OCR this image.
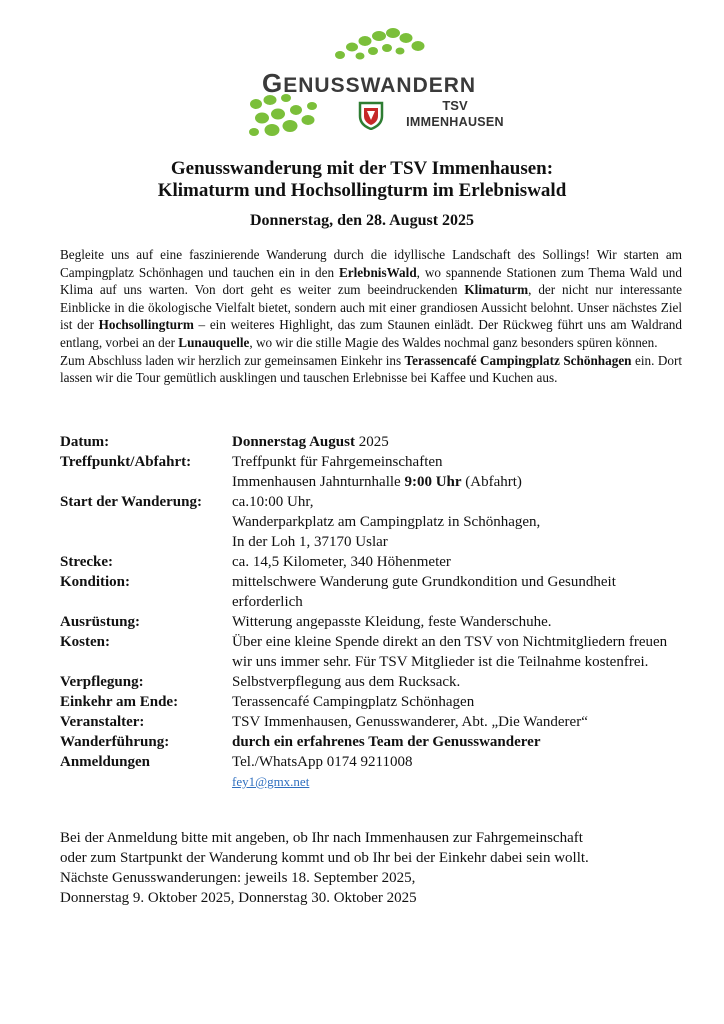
GENUSSWANDERN
TSV
IMMENHAUSEN
Genusswanderung mit der TSV Immenhausen:
Klimaturm und Hochsollingturm im Erlebniswald
Donnerstag, den 28. August 2025

Begleite uns auf eine faszinierende Wanderung durch die idyllische Landschaft des Sollings! Wir starten am Campingplatz Schönhagen und tauchen ein in den ErlebnisWald, wo spannende Stationen zum Thema Wald und Klima auf uns warten. Von dort geht es weiter zum beeindruckenden Klimaturm, der nicht nur interessante Einblicke in die ökologische Vielfalt bietet, sondern auch mit einer grandiosen Aussicht belohnt. Unser nächstes Ziel ist der Hochsollingturm – ein weiteres Highlight, das zum Staunen einlädt. Der Rückweg führt uns am Waldrand entlang, vorbei an der Lunauquelle, wo wir die stille Magie des Waldes nochmal ganz besonders spüren können.

Zum Abschluss laden wir herzlich zur gemeinsamen Einkehr ins Terassencafé Campingplatz Schönhagen ein. Dort lassen wir die Tour gemütlich ausklingen und tauschen Erlebnisse bei Kaffee und Kuchen aus.

Datum:	Donnerstag August 2025
Treffpunkt/Abfahrt:	Treffpunkt für Fahrgemeinschaften
Immenhausen Jahnturnhalle 9:00 Uhr (Abfahrt)
Start der Wanderung:	ca.10:00 Uhr,
Wanderparkplatz am Campingplatz in Schönhagen,
In der Loh 1, 37170 Uslar
Strecke:	ca. 14,5 Kilometer, 340 Höhenmeter
Kondition:	mittelschwere Wanderung gute Grundkondition und Gesundheit erforderlich
Ausrüstung:	Witterung angepasste Kleidung, feste Wanderschuhe.
Kosten:	Über eine kleine Spende direkt an den TSV von Nichtmitgliedern freuen wir uns immer sehr. Für TSV Mitglieder ist die Teilnahme kostenfrei.
Verpflegung:	Selbstverpflegung aus dem Rucksack.
Einkehr am Ende:	Terassencafé Campingplatz Schönhagen
Veranstalter:	TSV Immenhausen, Genusswanderer, Abt. „Die Wanderer“
Wanderführung:	durch ein erfahrenes Team der Genusswanderer
Anmeldungen	Tel./WhatsApp 0174 9211008
fey1@gmx.net

Bei der Anmeldung bitte mit angeben, ob Ihr nach Immenhausen zur Fahrgemeinschaft

oder zum Startpunkt der Wanderung kommt und ob Ihr bei der Einkehr dabei sein wollt.

Nächste Genusswanderungen: jeweils 18. September 2025,

Donnerstag 9. Oktober 2025, Donnerstag 30. Oktober 2025
